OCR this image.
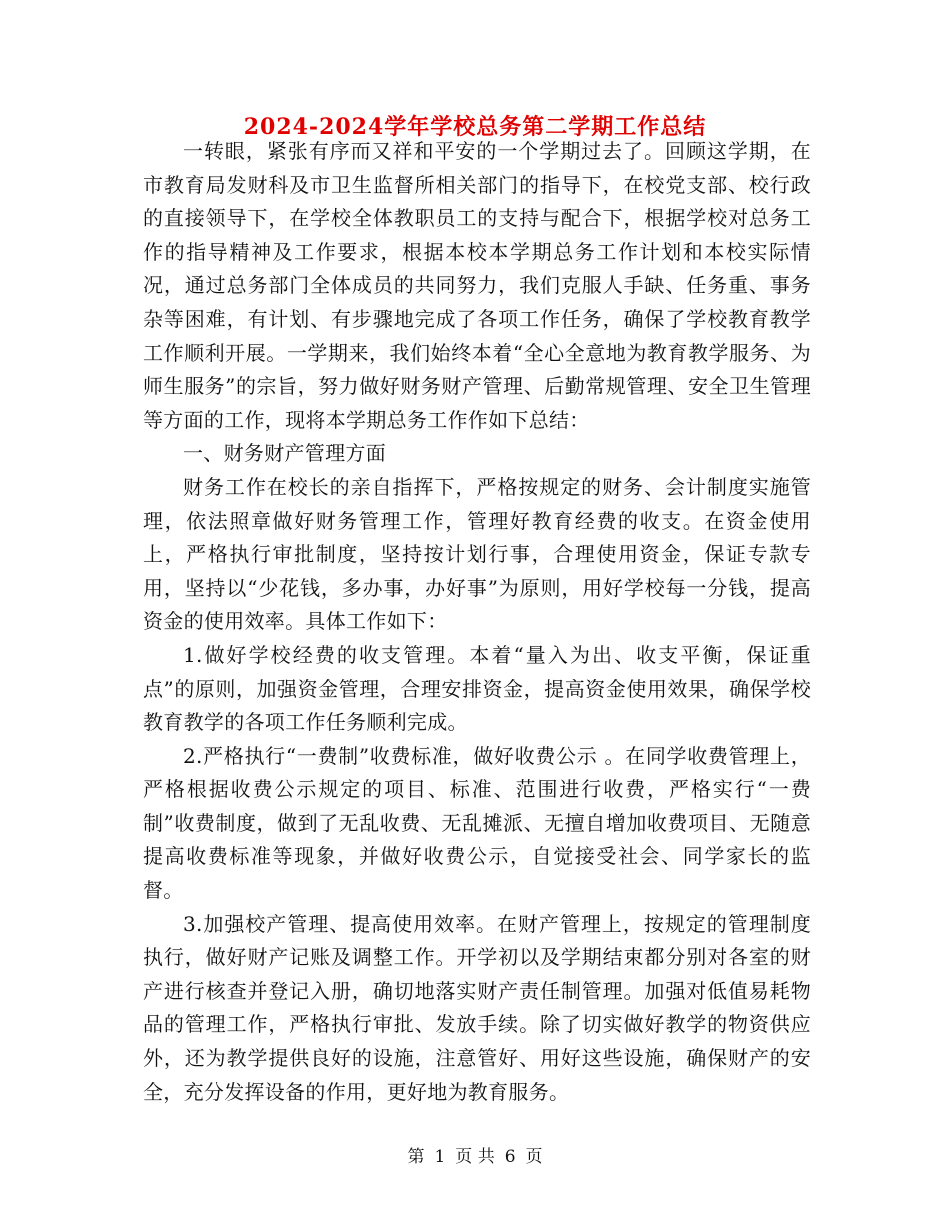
2024-2024学年学校总务第二学期工作总结

一转眼，紧张有序而又祥和平安的一个学期过去了。回顾这学期，在市教育局发财科及市卫生监督所相关部门的指导下，在校党支部、校行政的直接领导下，在学校全体教职员工的支持与配合下，根据学校对总务工作的指导精神及工作要求，根据本校本学期总务工作计划和本校实际情况，通过总务部门全体成员的共同努力，我们克服人手缺、任务重、事务杂等困难，有计划、有步骤地完成了各项工作任务，确保了学校教育教学工作顺利开展。一学期来，我们始终本着“全心全意地为教育教学服务、为师生服务”的宗旨，努力做好财务财产管理、后勤常规管理、安全卫生管理等方面的工作，现将本学期总务工作作如下总结：

一、财务财产管理方面

财务工作在校长的亲自指挥下，严格按规定的财务、会计制度实施管理，依法照章做好财务管理工作，管理好教育经费的收支。在资金使用上，严格执行审批制度，坚持按计划行事，合理使用资金，保证专款专用，坚持以“少花钱，多办事，办好事”为原则，用好学校每一分钱，提高资金的使用效率。具体工作如下：

1.做好学校经费的收支管理。本着“量入为出、收支平衡，保证重点”的原则，加强资金管理，合理安排资金，提高资金使用效果，确保学校教育教学的各项工作任务顺利完成。

2.严格执行“一费制”收费标准，做好收费公示 。在同学收费管理上，严格根据收费公示规定的项目、标准、范围进行收费，严格实行“一费制”收费制度，做到了无乱收费、无乱摊派、无擅自增加收费项目、无随意提高收费标准等现象，并做好收费公示，自觉接受社会、同学家长的监督。

3.加强校产管理、提高使用效率。在财产管理上，按规定的管理制度执行，做好财产记账及调整工作。开学初以及学期结束都分别对各室的财产进行核查并登记入册，确切地落实财产责任制管理。加强对低值易耗物品的管理工作，严格执行审批、发放手续。除了切实做好教学的物资供应外，还为教学提供良好的设施，注意管好、用好这些设施，确保财产的安全，充分发挥设备的作用，更好地为教育服务。

第 1 页 共 6 页
